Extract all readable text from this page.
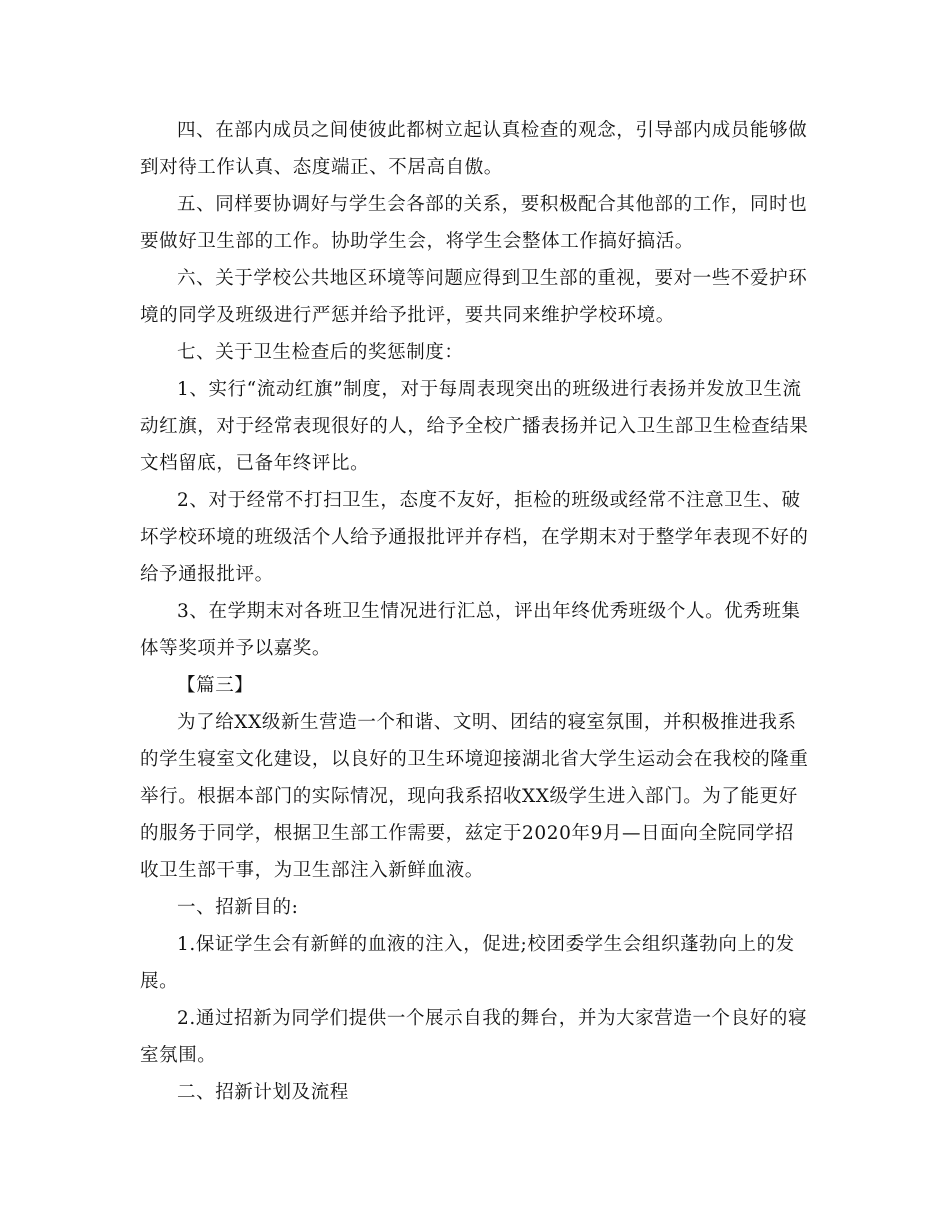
四、在部内成员之间使彼此都树立起认真检查的观念，引导部内成员能够做到对待工作认真、态度端正、不居高自傲。

五、同样要协调好与学生会各部的关系，要积极配合其他部的工作，同时也要做好卫生部的工作。协助学生会，将学生会整体工作搞好搞活。

六、关于学校公共地区环境等问题应得到卫生部的重视，要对一些不爱护环境的同学及班级进行严惩并给予批评，要共同来维护学校环境。

七、关于卫生检查后的奖惩制度：

1、实行“流动红旗”制度，对于每周表现突出的班级进行表扬并发放卫生流动红旗，对于经常表现很好的人，给予全校广播表扬并记入卫生部卫生检查结果文档留底，已备年终评比。

2、对于经常不打扫卫生，态度不友好，拒检的班级或经常不注意卫生、破坏学校环境的班级活个人给予通报批评并存档，在学期末对于整学年表现不好的给予通报批评。

3、在学期末对各班卫生情况进行汇总，评出年终优秀班级个人。优秀班集体等奖项并予以嘉奖。

【篇三】

为了给XX级新生营造一个和谐、文明、团结的寝室氛围，并积极推进我系的学生寝室文化建设，以良好的卫生环境迎接湖北省大学生运动会在我校的隆重举行。根据本部门的实际情况，现向我系招收XX级学生进入部门。为了能更好的服务于同学，根据卫生部工作需要，兹定于2020年9月—日面向全院同学招收卫生部干事，为卫生部注入新鲜血液。

一、招新目的:

1.保证学生会有新鲜的血液的注入，促进;校团委学生会组织蓬勃向上的发展。

2.通过招新为同学们提供一个展示自我的舞台，并为大家营造一个良好的寝室氛围。

二、招新计划及流程
